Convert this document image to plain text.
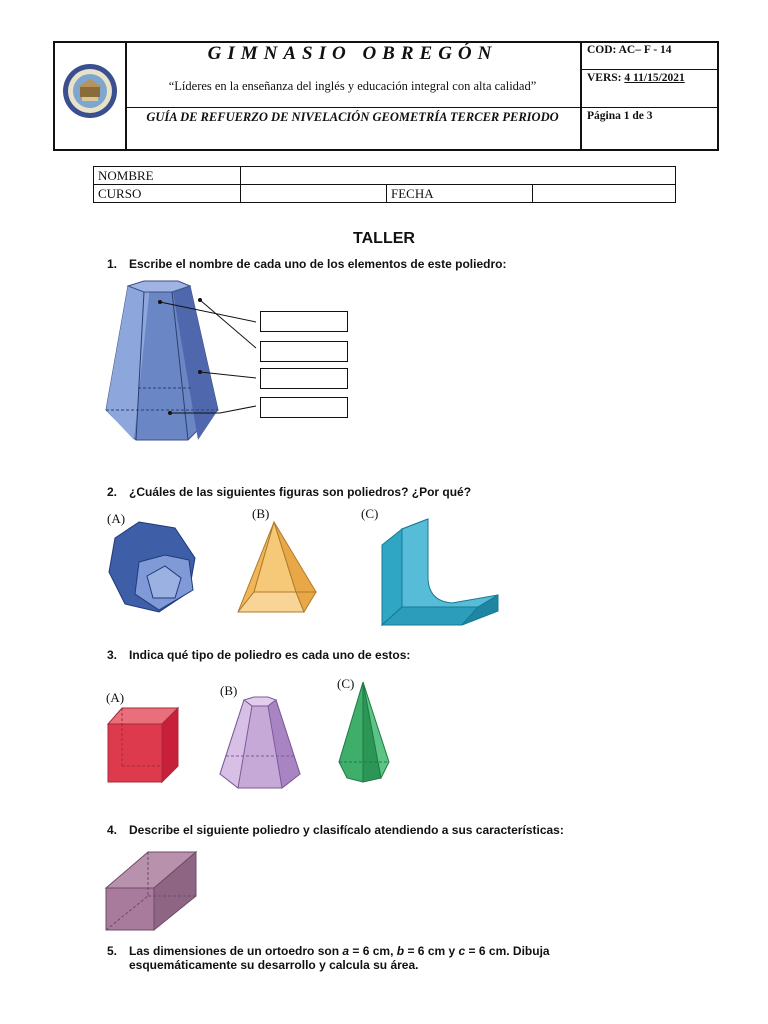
GIMNASIO OBREGÓN
“Líderes en la enseñanza del inglés y educación integral con alta calidad”
GUÍA DE REFUERZO DE NIVELACIÓN GEOMETRÍA TERCER PERIODO
COD: AC– F - 14
VERS: 4 11/15/2021
Página 1 de 3
NOMBRE			
CURSO		FECHA	
TALLER
1. Escribe el nombre de cada uno de los elementos de este poliedro:
2. ¿Cuáles de las siguientes figuras son poliedros? ¿Por qué?
(A)	(B)	(C)
3. Indica qué tipo de poliedro es cada uno de estos:
(A)	(B)	(C)
4. Describe el siguiente poliedro y clasifícalo atendiendo a sus características:
5. Las dimensiones de un ortoedro son a = 6 cm, b = 6 cm y c = 6 cm. Dibuja
esquemáticamente su desarrollo y calcula su área.
